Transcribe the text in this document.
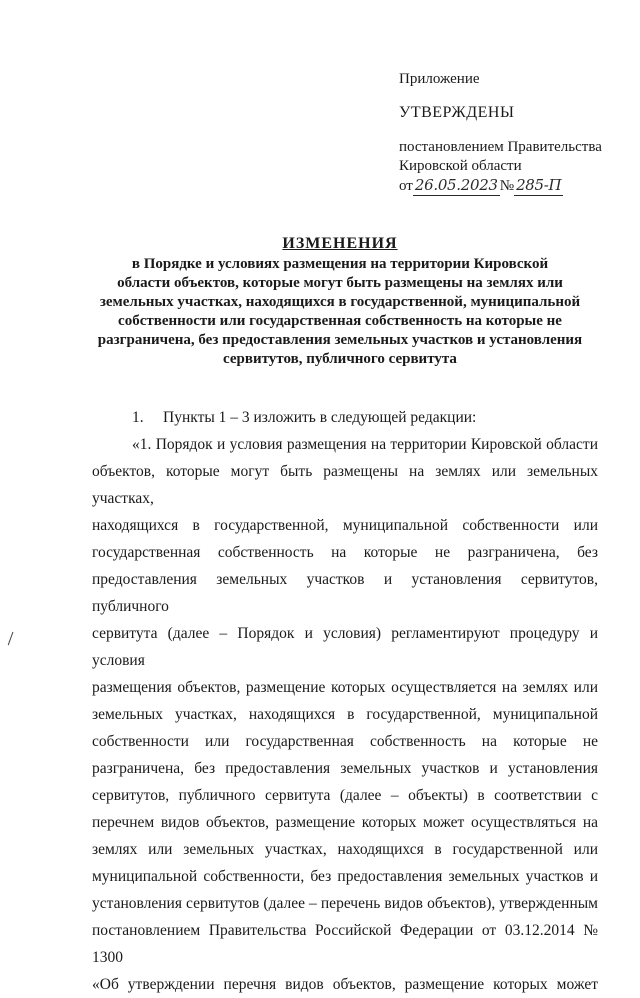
Приложение
УТВЕРЖДЕНЫ
постановлением Правительства
Кировской области
от 26.05.2023 № 285-П
ИЗМЕНЕНИЯ
в Порядке и условиях размещения на территории Кировской
области объектов, которые могут быть размещены на землях или
земельных участках, находящихся в государственной, муниципальной
собственности или государственная собственность на которые не
разграничена, без предоставления земельных участков и установления
сервитутов, публичного сервитута
1. Пункты 1 – 3 изложить в следующей редакции:
«1. Порядок и условия размещения на территории Кировской области
объектов, которые могут быть размещены на землях или земельных участках,
находящихся в государственной, муниципальной собственности или
государственная собственность на которые не разграничена, без
предоставления земельных участков и установления сервитутов, публичного
сервитута (далее – Порядок и условия) регламентируют процедуру и условия
размещения объектов, размещение которых осуществляется на землях или
земельных участках, находящихся в государственной, муниципальной
собственности или государственная собственность на которые не
разграничена, без предоставления земельных участков и установления
сервитутов, публичного сервитута (далее – объекты) в соответствии с
перечнем видов объектов, размещение которых может осуществляться на
землях или земельных участках, находящихся в государственной или
муниципальной собственности, без предоставления земельных участков и
установления сервитутов (далее – перечень видов объектов), утвержденным
постановлением Правительства Российской Федерации от 03.12.2014 № 1300
«Об утверждении перечня видов объектов, размещение которых может
